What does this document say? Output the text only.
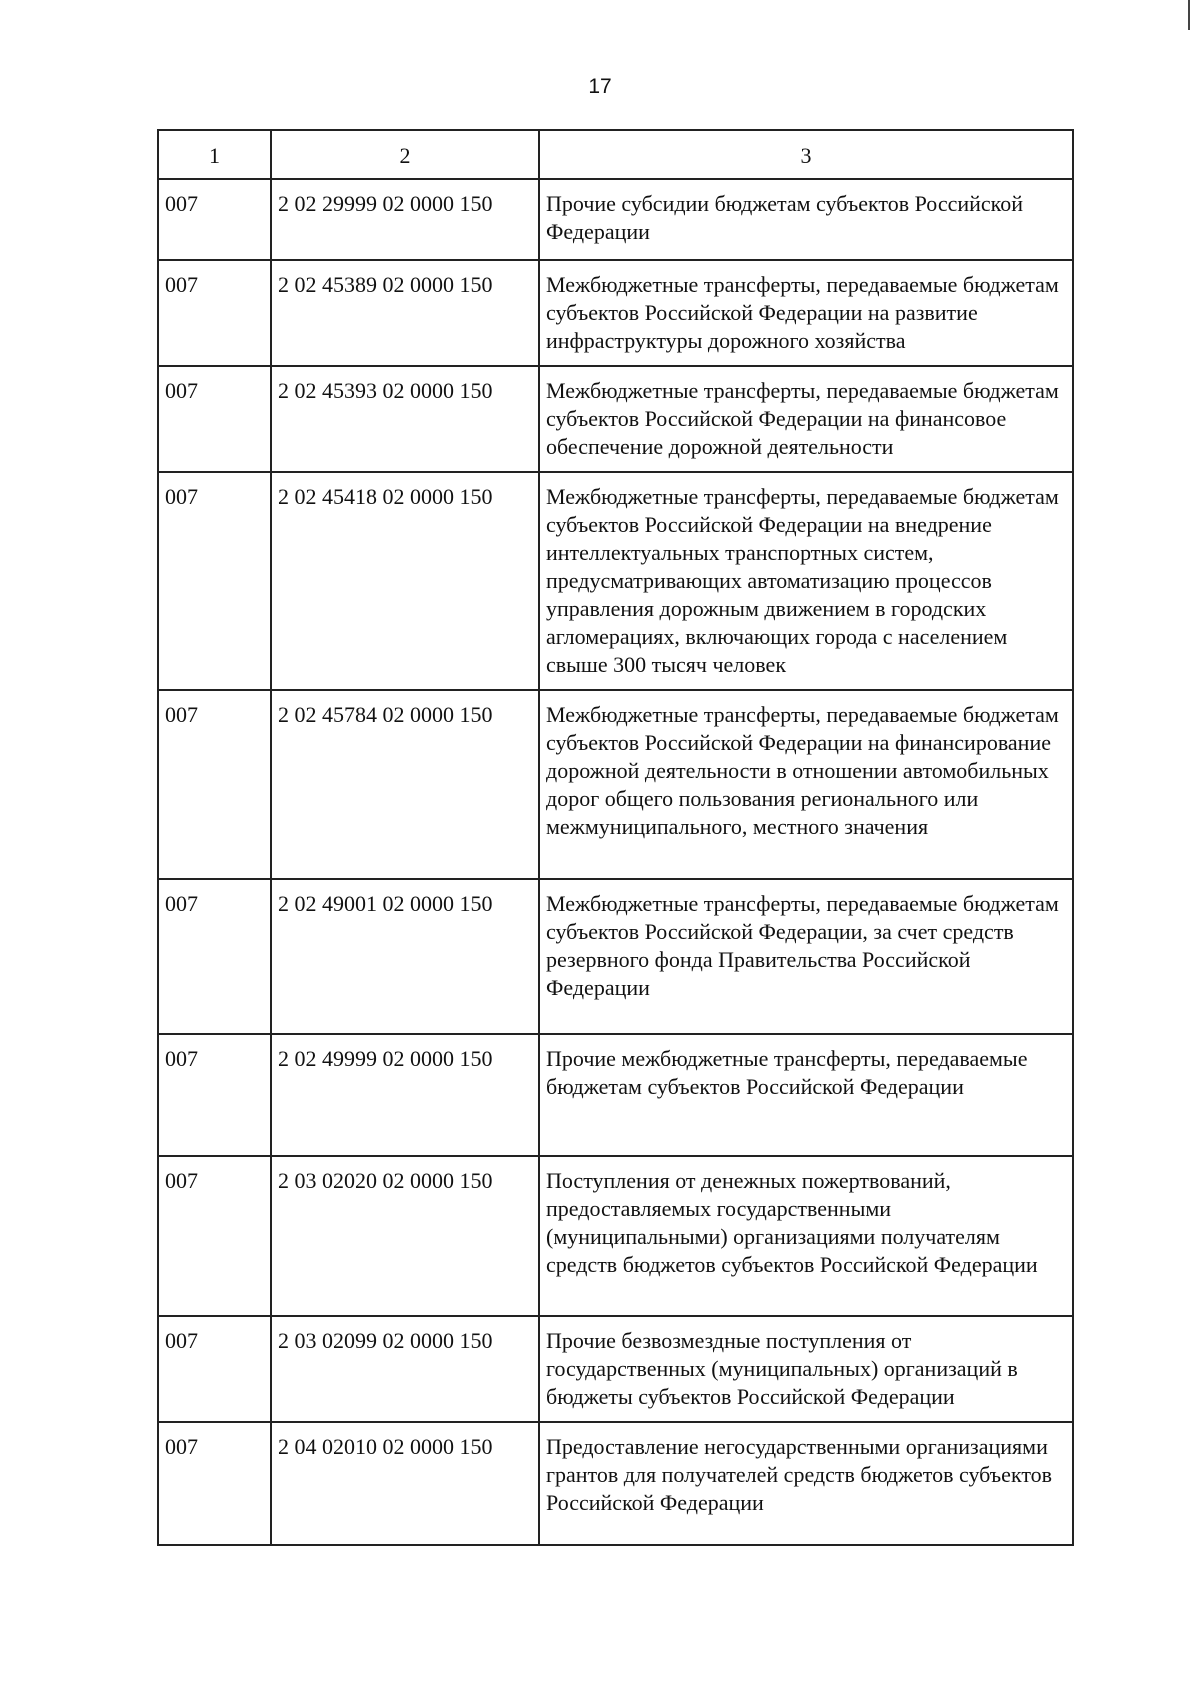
17
1	2	3
007	2 02 29999 02 0000 150	Прочие субсидии бюджетам субъектов Российской Федерации
007	2 02 45389 02 0000 150	Межбюджетные трансферты, передаваемые бюджетам субъектов Российской Федерации на развитие инфраструктуры дорожного хозяйства
007	2 02 45393 02 0000 150	Межбюджетные трансферты, передаваемые бюджетам субъектов Российской Федерации на финансовое обеспечение дорожной деятельности
007	2 02 45418 02 0000 150	Межбюджетные трансферты, передаваемые бюджетам субъектов Российской Федерации на внедрение интеллектуальных транспортных систем, предусматривающих автоматизацию процессов управления дорожным движением в городских агломерациях, включающих города с населением свыше 300 тысяч человек
007	2 02 45784 02 0000 150	Межбюджетные трансферты, передаваемые бюджетам субъектов Российской Федерации на финансирование дорожной деятельности в отношении автомобильных дорог общего пользования регионального или межмуниципального, местного значения
007	2 02 49001 02 0000 150	Межбюджетные трансферты, передаваемые бюджетам субъектов Российской Федерации, за счет средств резервного фонда Правительства Российской Федерации
007	2 02 49999 02 0000 150	Прочие межбюджетные трансферты, передаваемые бюджетам субъектов Российской Федерации
007	2 03 02020 02 0000 150	Поступления от денежных пожертвований, предоставляемых государственными (муниципальными) организациями получателям средств бюджетов субъектов Российской Федерации
007	2 03 02099 02 0000 150	Прочие безвозмездные поступления от государственных (муниципальных) организаций в бюджеты субъектов Российской Федерации
007	2 04 02010 02 0000 150	Предоставление негосударственными организациями грантов для получателей средств бюджетов субъектов Российской Федерации
